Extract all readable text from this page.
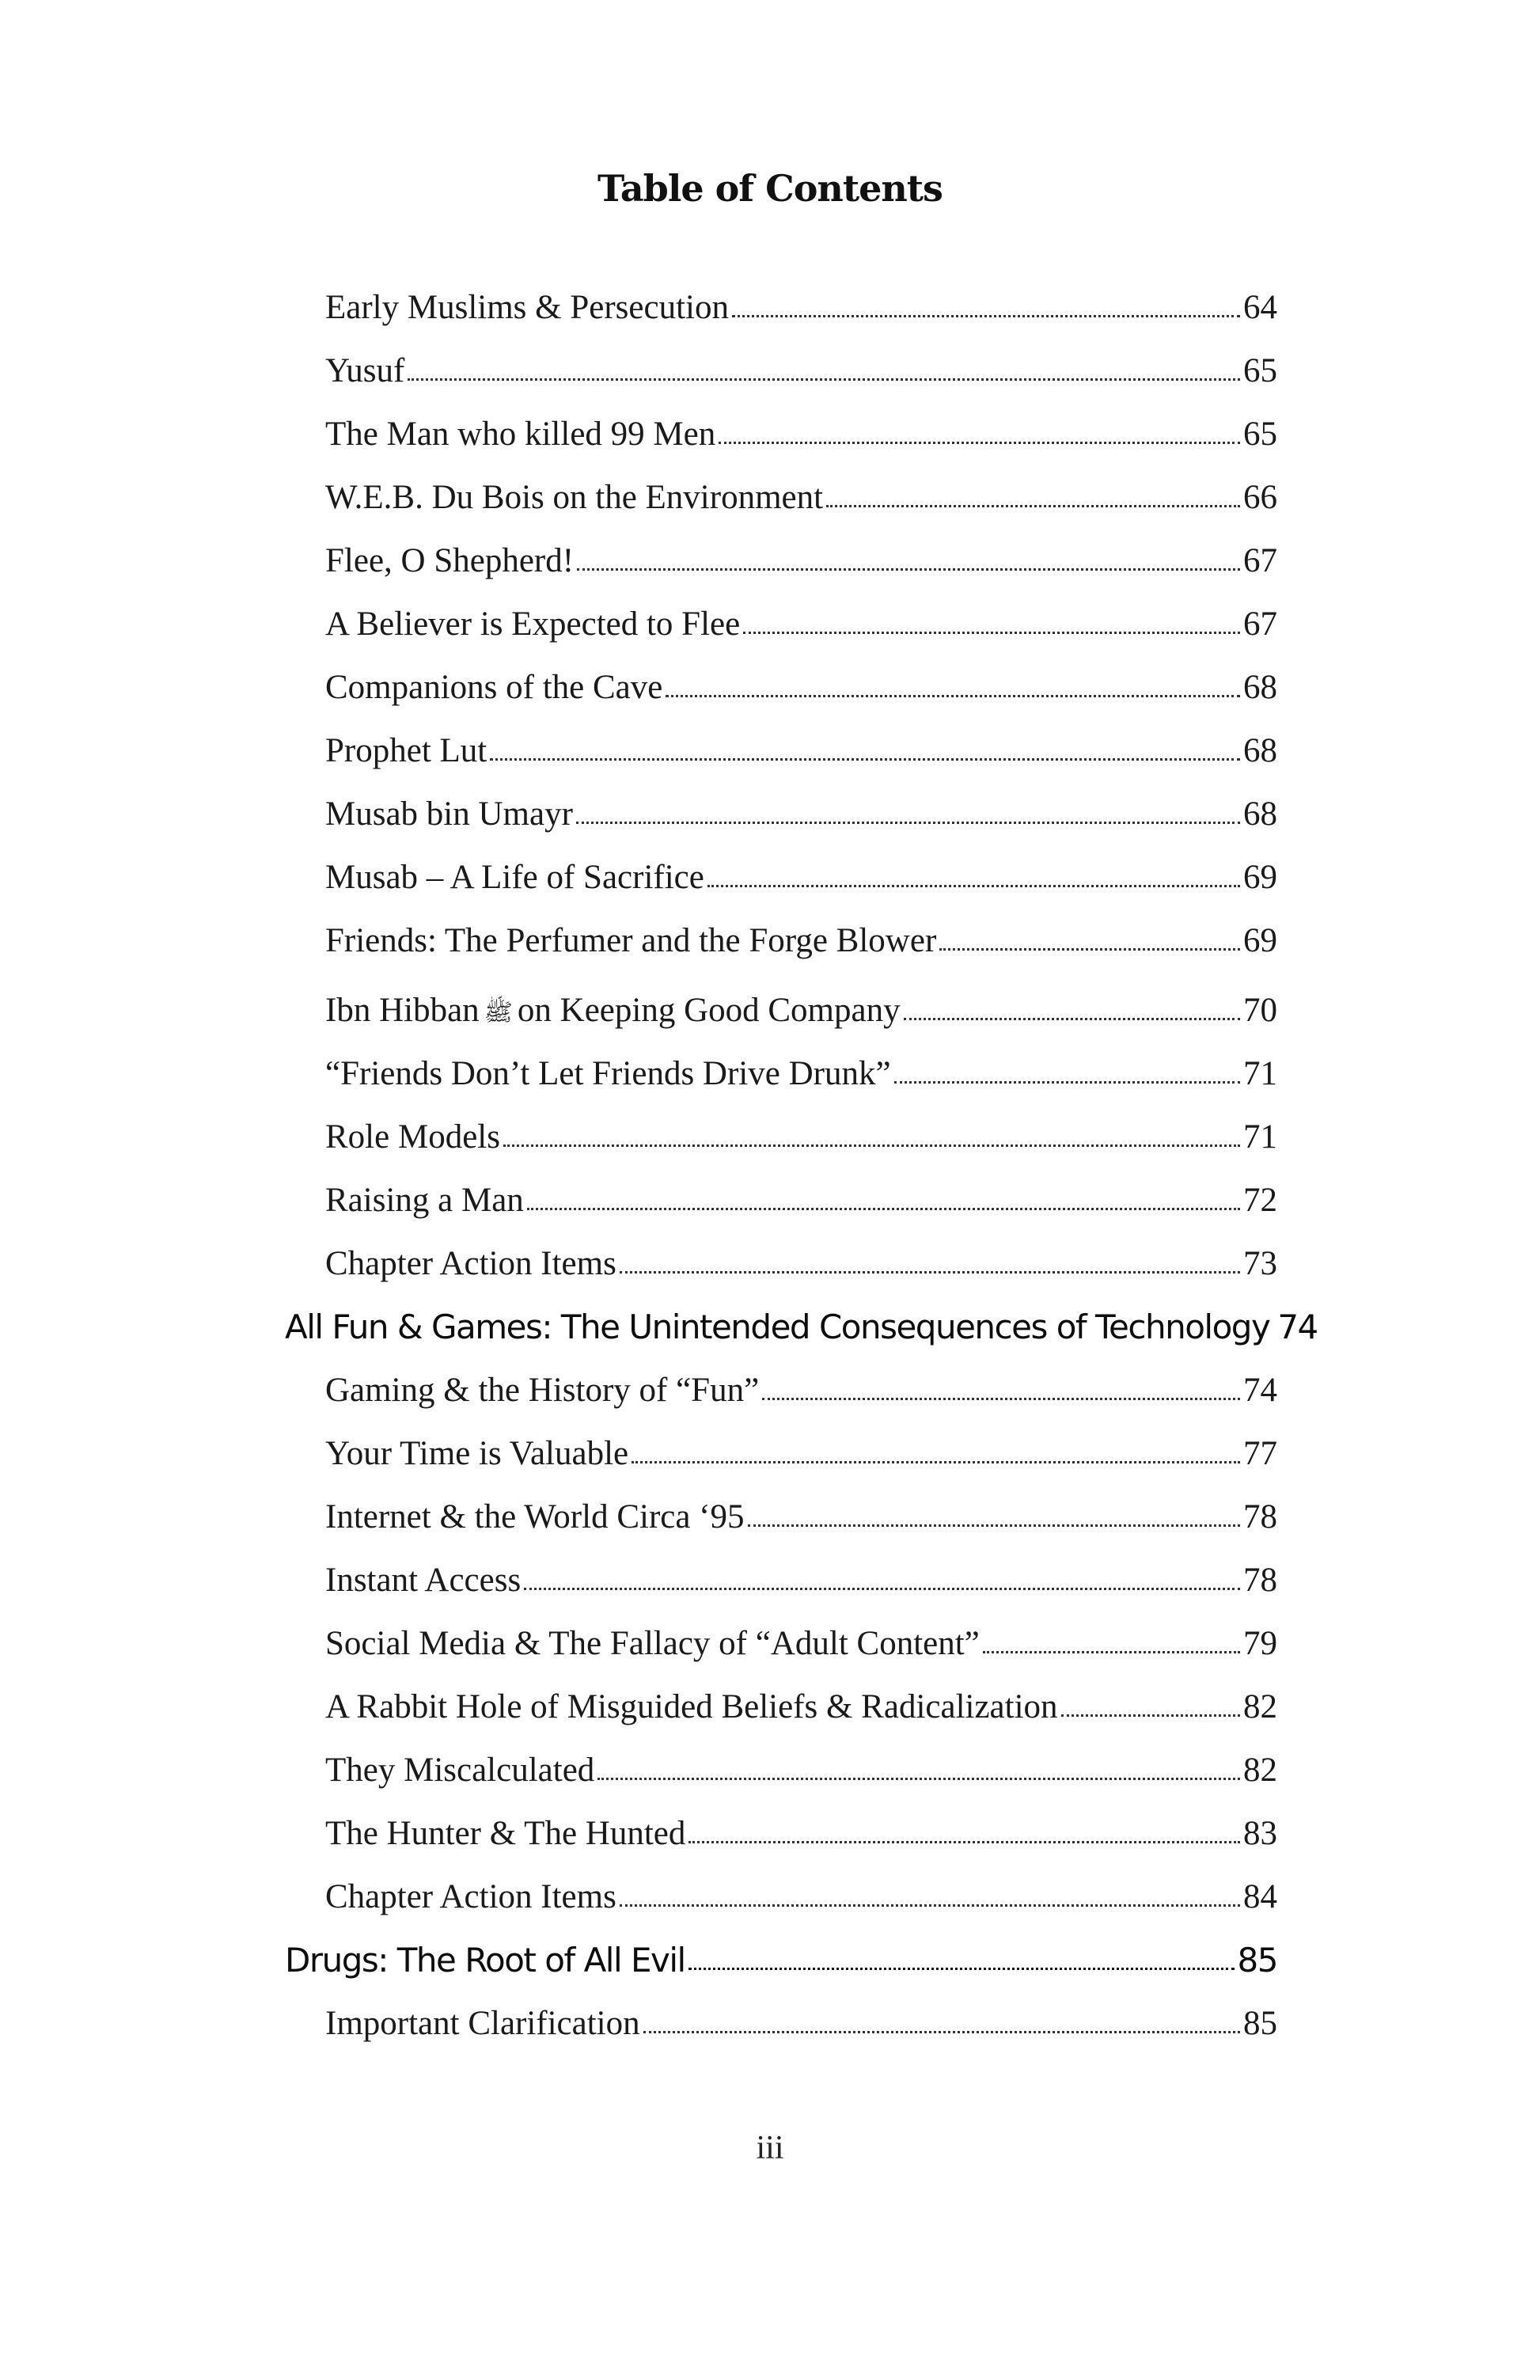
Table of Contents
Early Muslims & Persecution	64
Yusuf	65
The Man who killed 99 Men	65
W.E.B. Du Bois on the Environment	66
Flee, O Shepherd!	67
A Believer is Expected to Flee	67
Companions of the Cave	68
Prophet Lut	68
Musab bin Umayr	68
Musab – A Life of Sacrifice	69
Friends: The Perfumer and the Forge Blower	69
Ibn Hibban ﷺ on Keeping Good Company	70
“Friends Don’t Let Friends Drive Drunk”	71
Role Models	71
Raising a Man	72
Chapter Action Items	73
All Fun & Games: The Unintended Consequences of Technology 74
Gaming & the History of “Fun”	74
Your Time is Valuable	77
Internet & the World Circa ‘95	78
Instant Access	78
Social Media & The Fallacy of “Adult Content”	79
A Rabbit Hole of Misguided Beliefs & Radicalization	82
They Miscalculated	82
The Hunter & The Hunted	83
Chapter Action Items	84
Drugs: The Root of All Evil	85
Important Clarification	85
iii
